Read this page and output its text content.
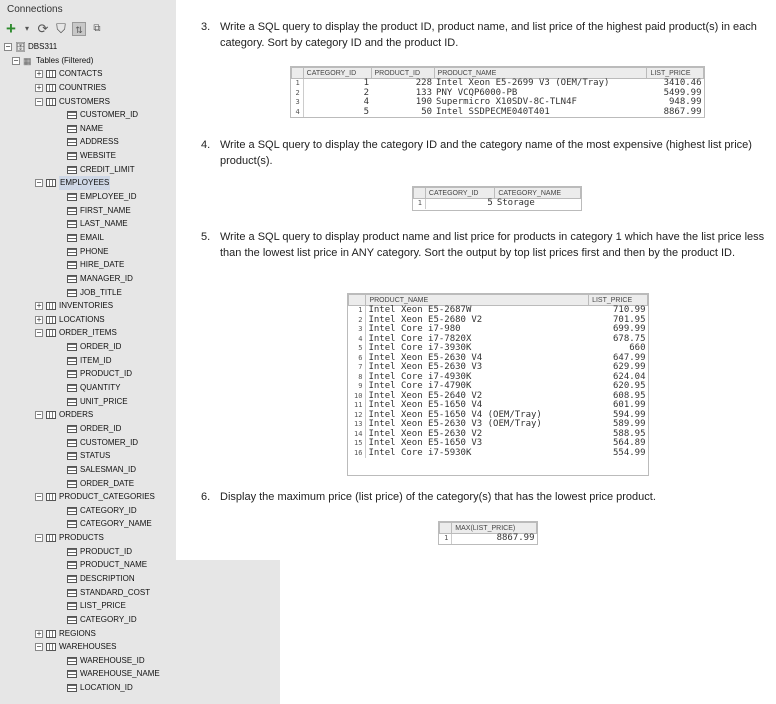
Connections
+	▾ ⟳ ⛉	⇅	⧉
− 🗄 DBS311
− ▦ Tables (Filtered)
+ CONTACTS
+ COUNTRIES
− CUSTOMERS
CUSTOMER_ID
NAME
ADDRESS
WEBSITE
CREDIT_LIMIT
− EMPLOYEES
EMPLOYEE_ID
FIRST_NAME
LAST_NAME
EMAIL
PHONE
HIRE_DATE
MANAGER_ID
JOB_TITLE
+ INVENTORIES
+ LOCATIONS
− ORDER_ITEMS
ORDER_ID
ITEM_ID
PRODUCT_ID
QUANTITY
UNIT_PRICE
− ORDERS
ORDER_ID
CUSTOMER_ID
STATUS
SALESMAN_ID
ORDER_DATE
− PRODUCT_CATEGORIES
CATEGORY_ID
CATEGORY_NAME
− PRODUCTS
PRODUCT_ID
PRODUCT_NAME
DESCRIPTION
STANDARD_COST
LIST_PRICE
CATEGORY_ID
+ REGIONS
− WAREHOUSES
WAREHOUSE_ID
WAREHOUSE_NAME
LOCATION_ID
3. Write a SQL query to display the product ID, product name, and list price of the highest paid product(s) in each category. Sort by category ID and the product ID.
	CATEGORY_ID	PRODUCT_ID	PRODUCT_NAME	LIST_PRICE
1	1	228	Intel Xeon E5-2699 V3 (OEM/Tray)	3410.46
2	2	133	PNY VCQP6000-PB	5499.99
3	4	190	Supermicro X10SDV-8C-TLN4F	948.99
4	5	50	Intel SSDPECME040T401	8867.99
4. Write a SQL query to display the category ID and the category name of the most expensive (highest list price) product(s).
	CATEGORY_ID	CATEGORY_NAME
1	5	Storage
5. Write a SQL query to display product name and list price for products in category 1 which have the list price less than the lowest list price in ANY category. Sort the output by top list prices first and then by the product ID.
	PRODUCT_NAME	LIST_PRICE
1	Intel Xeon E5-2687W	710.99
2	Intel Xeon E5-2680 V2	701.95
3	Intel Core i7-980	699.99
4	Intel Core i7-7820X	678.75
5	Intel Core i7-3930K	660
6	Intel Xeon E5-2630 V4	647.99
7	Intel Xeon E5-2630 V3	629.99
8	Intel Core i7-4930K	624.04
9	Intel Core i7-4790K	620.95
10	Intel Xeon E5-2640 V2	608.95
11	Intel Xeon E5-1650 V4	601.99
12	Intel Xeon E5-1650 V4 (OEM/Tray)	594.99
13	Intel Xeon E5-2630 V3 (OEM/Tray)	589.99
14	Intel Xeon E5-2630 V2	588.95
15	Intel Xeon E5-1650 V3	564.89
16	Intel Core i7-5930K	554.99
6. Display the maximum price (list price) of the category(s) that has the lowest price product.
	MAX(LIST_PRICE)
1	8867.99
